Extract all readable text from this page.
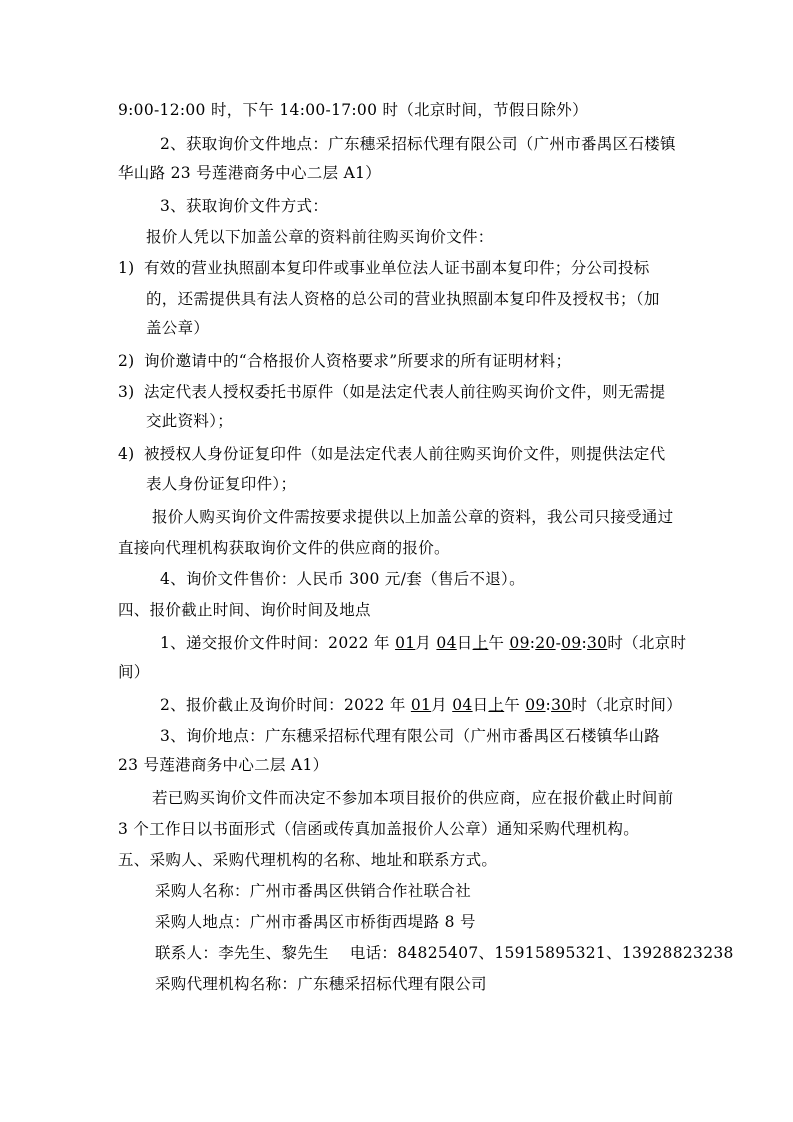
9:00-12:00 时，下午 14:00-17:00 时（北京时间，节假日除外）
2、获取询价文件地点：广东穗采招标代理有限公司（广州市番禺区石楼镇
华山路 23 号莲港商务中心二层 A1）
3、获取询价文件方式：
报价人凭以下加盖公章的资料前往购买询价文件：
1) 有效的营业执照副本复印件或事业单位法人证书副本复印件；分公司投标
的，还需提供具有法人资格的总公司的营业执照副本复印件及授权书；（加
盖公章）
2) 询价邀请中的“合格报价人资格要求”所要求的所有证明材料；
3) 法定代表人授权委托书原件（如是法定代表人前往购买询价文件，则无需提
交此资料）；
4) 被授权人身份证复印件（如是法定代表人前往购买询价文件，则提供法定代
表人身份证复印件）；
报价人购买询价文件需按要求提供以上加盖公章的资料，我公司只接受通过
直接向代理机构获取询价文件的供应商的报价。
4、询价文件售价：人民币 300 元/套（售后不退）。
四、报价截止时间、询价时间及地点
1、递交报价文件时间：2022 年 01月 04日上午 09:20-09:30时（北京时
间）
2、报价截止及询价时间：2022 年 01月 04日上午 09:30时（北京时间）
3、询价地点：广东穗采招标代理有限公司（广州市番禺区石楼镇华山路
23 号莲港商务中心二层 A1）
若已购买询价文件而决定不参加本项目报价的供应商，应在报价截止时间前
3 个工作日以书面形式（信函或传真加盖报价人公章）通知采购代理机构。
五、采购人、采购代理机构的名称、地址和联系方式。
采购人名称：广州市番禺区供销合作社联合社
采购人地点：广州市番禺区市桥街西堤路 8 号
联系人：李先生、黎先生　 电话：84825407、15915895321、13928823238
采购代理机构名称：广东穗采招标代理有限公司
